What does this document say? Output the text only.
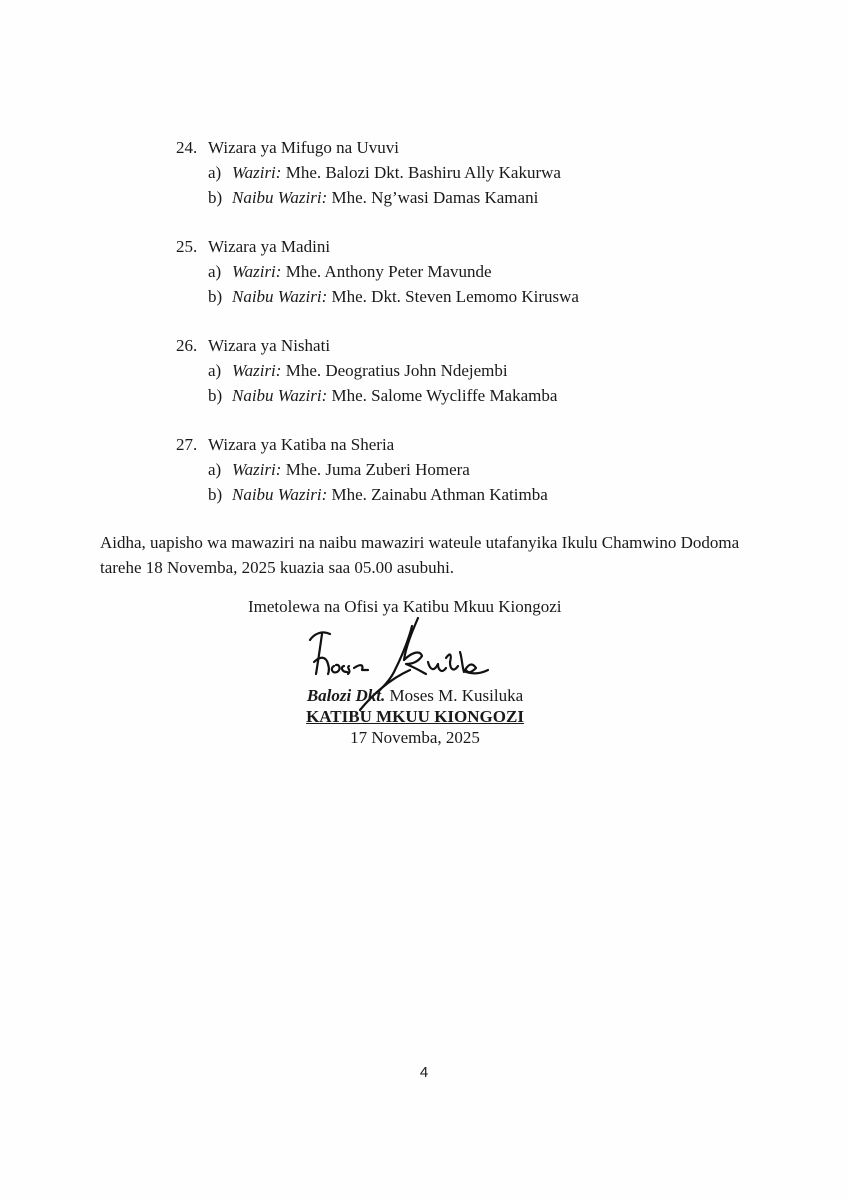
24. Wizara ya Mifugo na Uvuvi
a) Waziri: Mhe. Balozi Dkt. Bashiru Ally Kakurwa
b) Naibu Waziri: Mhe. Ng’wasi Damas Kamani
25. Wizara ya Madini
a) Waziri: Mhe. Anthony Peter Mavunde
b) Naibu Waziri: Mhe. Dkt. Steven Lemomo Kiruswa
26. Wizara ya Nishati
a) Waziri: Mhe. Deogratius John Ndejembi
b) Naibu Waziri: Mhe. Salome Wycliffe Makamba
27. Wizara ya Katiba na Sheria
a) Waziri: Mhe. Juma Zuberi Homera
b) Naibu Waziri: Mhe. Zainabu Athman Katimba
Aidha, uapisho wa mawaziri na naibu mawaziri wateule utafanyika Ikulu Chamwino Dodoma tarehe 18 Novemba, 2025 kuazia saa 05.00 asubuhi.
Imetolewa na Ofisi ya Katibu Mkuu Kiongozi
Balozi Dkt. Moses M. Kusiluka
KATIBU MKUU KIONGOZI
17 Novemba, 2025
4
